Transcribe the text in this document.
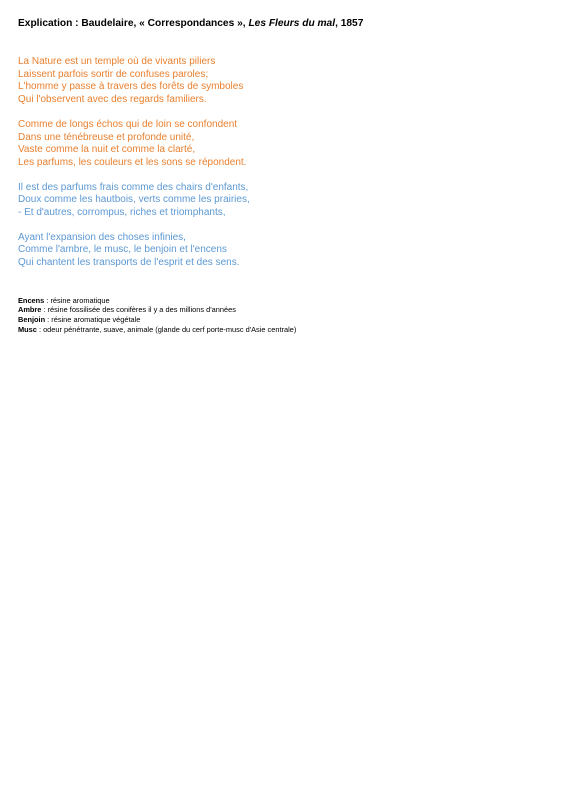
Explication : Baudelaire, « Correspondances », Les Fleurs du mal, 1857
La Nature est un temple où de vivants piliers
Laissent parfois sortir de confuses paroles;
L'homme y passe à travers des forêts de symboles
Qui l'observent avec des regards familiers.
Comme de longs échos qui de loin se confondent
Dans une ténébreuse et profonde unité,
Vaste comme la nuit et comme la clarté,
Les parfums, les couleurs et les sons se répondent.
Il est des parfums frais comme des chairs d'enfants,
Doux comme les hautbois, verts comme les prairies,
- Et d'autres, corrompus, riches et triomphants,
Ayant l'expansion des choses infinies,
Comme l'ambre, le musc, le benjoin et l'encens
Qui chantent les transports de l'esprit et des sens.
Encens : résine aromatique
Ambre : résine fossilisée des conifères il y a des millions d'années
Benjoin : résine aromatique végétale
Musc : odeur pénétrante, suave, animale (glande du cerf porte-musc d'Asie centrale)
